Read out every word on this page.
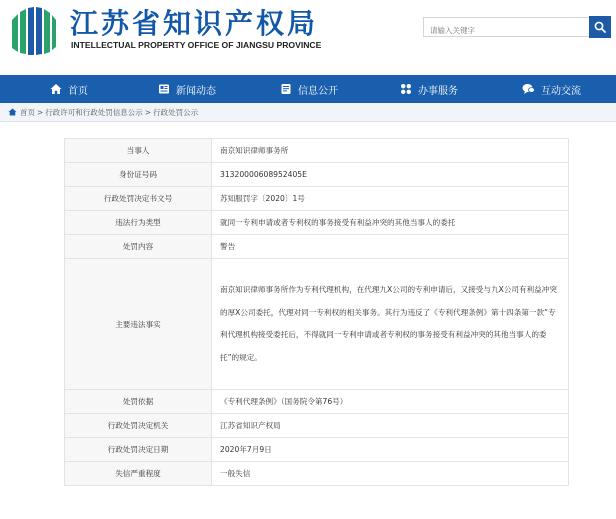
江苏省知识产权局
INTELLECTUAL PROPERTY OFFICE OF JIANGSU PROVINCE
请输入关键字
首页	新闻动态	信息公开	办事服务	互动交流
首页 > 行政许可和行政处罚信息公示 > 行政处罚公示
当事人	南京知识律师事务所
身份证号码	31320000608952405E
行政处罚决定书文号	苏知服罚字〔2020〕1号
违法行为类型	就同一专利申请或者专利权的事务接受有利益冲突的其他当事人的委托
处罚内容	警告
主要违法事实	南京知识律师事务所作为专利代理机构，在代理九X公司的专利申请后，又接受与九X公司有利益冲突的厚X公司委托，代理对同一专利权的相关事务。其行为违反了《专利代理条例》第十四条第一款“专利代理机构接受委托后，不得就同一专利申请或者专利权的事务接受有利益冲突的其他当事人的委托”的规定。
处罚依据	《专利代理条例》（国务院令第76号）
行政处罚决定机关	江苏省知识产权局
行政处罚决定日期	2020年7月9日
失信严重程度	一般失信
